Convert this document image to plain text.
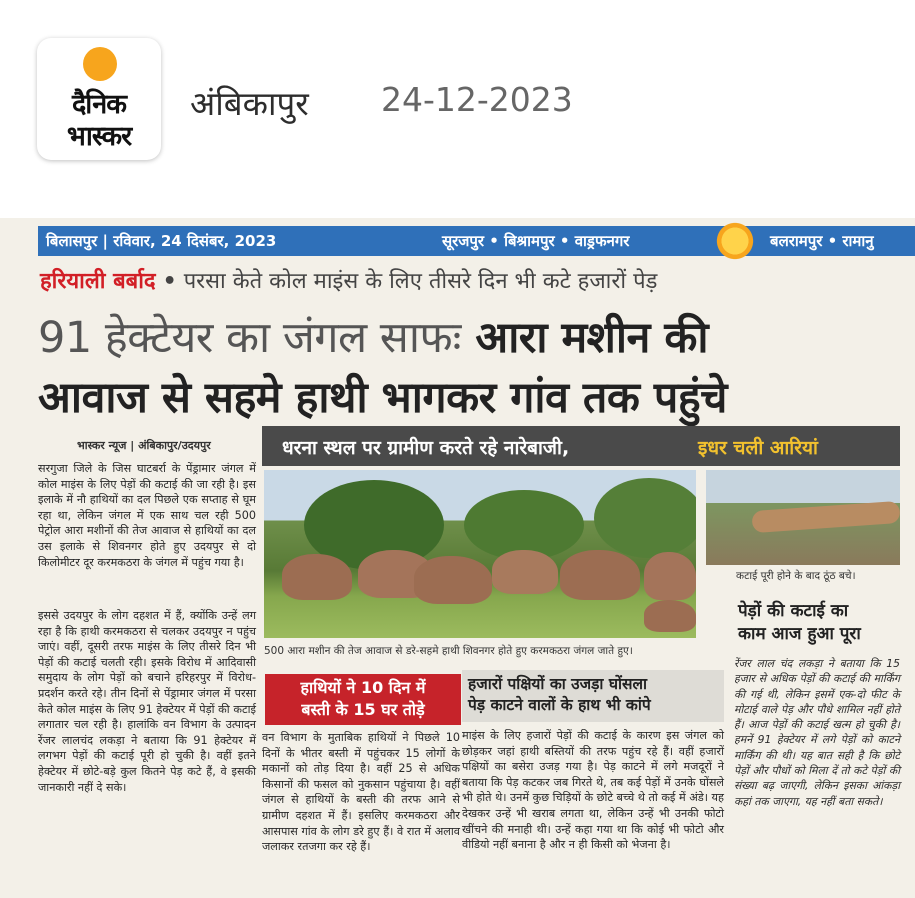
दैनिक
भास्कर
अंबिकापुर 24-12-2023
बिलासपुर | रविवार, 24 दिसंबर, 2023	सूरजपुर • बिश्रामपुर • वाड्रफनगर	बलरामपुर • रामानु
हरियाली बर्बाद • परसा केते कोल माइंस के लिए तीसरे दिन भी कटे हजारों पेड़
91 हेक्टेयर का जंगल साफः आरा मशीन की
आवाज से सहमे हाथी भागकर गांव तक पहुंचे
भास्कर न्यूज | अंबिकापुर/उदयपुर
सरगुजा जिले के जिस घाटबर्रा के पेंड्रामार जंगल में कोल माइंस के लिए पेड़ों की कटाई की जा रही है। इस इलाके में नौ हाथियों का दल पिछले एक सप्ताह से घूम रहा था, लेकिन जंगल में एक साथ चल रही 500 पेट्रोल आरा मशीनों की तेज आवाज से हाथियों का दल उस इलाके से शिवनगर होते हुए उदयपुर से दो किलोमीटर दूर करमकठरा के जंगल में पहुंच गया है।
इससे उदयपुर के लोग दहशत में हैं, क्योंकि उन्हें लग रहा है कि हाथी करमकठरा से चलकर उदयपुर न पहुंच जाएं। वहीं, दूसरी तरफ माइंस के लिए तीसरे दिन भी पेड़ों की कटाई चलती रही। इसके विरोध में आदिवासी समुदाय के लोग पेड़ों को बचाने हरिहरपुर में विरोध-प्रदर्शन करते रहे। तीन दिनों से पेंड्रामार जंगल में परसा केते कोल माइंस के लिए 91 हेक्टेयर में पेड़ों की कटाई लगातार चल रही है। हालांकि वन विभाग के उत्पादन रेंजर लालचंद लकड़ा ने बताया कि 91 हेक्टेयर में लगभग पेड़ों की कटाई पूरी हो चुकी है। वहीं इतने हेक्टेयर में छोटे-बड़े कुल कितने पेड़ कटे हैं, वे इसकी जानकारी नहीं दे सके।
धरना स्थल पर ग्रामीण करते रहे नारेबाजी,	इधर चली आरियां
कटाई पूरी होने के बाद ठूंठ बचे।
500 आरा मशीन की तेज आवाज से डरे-सहमे हाथी शिवनगर होते हुए करमकठरा जंगल जाते हुए।
पेड़ों की कटाई का
काम आज हुआ पूरा
रेंजर लाल चंद लकड़ा ने बताया कि 15 हजार से अधिक पेड़ों की कटाई की मार्किंग की गई थी, लेकिन इसमें एक-दो फीट के मोटाई वाले पेड़ और पौधे शामिल नहीं होते हैं। आज पेड़ों की कटाई खत्म हो चुकी है। हमनें 91 हेक्टेयर में लगे पेड़ों को काटने मार्किंग की थी। यह बात सही है कि छोटे पेड़ों और पौधों को मिला दें तो कटे पेड़ों की संख्या बढ़ जाएगी, लेकिन इसका आंकड़ा कहां तक जाएगा, यह नहीं बता सकते।
हाथियों ने 10 दिन में
बस्ती के 15 घर तोड़े
वन विभाग के मुताबिक हाथियों ने पिछले 10 दिनों के भीतर बस्ती में पहुंचकर 15 लोगों के मकानों को तोड़ दिया है। वहीं 25 से अधिक किसानों की फसल को नुकसान पहुंचाया है। वहीं जंगल से हाथियों के बस्ती की तरफ आने से ग्रामीण दहशत में हैं। इसलिए करमकठरा और आसपास गांव के लोग डरे हुए हैं। वे रात में अलाव जलाकर रतजगा कर रहे हैं।
हजारों पक्षियों का उजड़ा घोंसला
पेड़ काटने वालों के हाथ भी कांपे
माइंस के लिए हजारों पेड़ों की कटाई के कारण इस जंगल को छोड़कर जहां हाथी बस्तियों की तरफ पहुंच रहे हैं। वहीं हजारों पक्षियों का बसेरा उजड़ गया है। पेड़ काटने में लगे मजदूरों ने बताया कि पेड़ कटकर जब गिरते थे, तब कई पेड़ों में उनके घोंसले भी होते थे। उनमें कुछ चिड़ियों के छोटे बच्चे थे तो कई में अंडे। यह देखकर उन्हें भी खराब लगता था, लेकिन उन्हें भी उनकी फोटो खींचने की मनाही थी। उन्हें कहा गया था कि कोई भी फोटो और वीडियो नहीं बनाना है और न ही किसी को भेजना है।
